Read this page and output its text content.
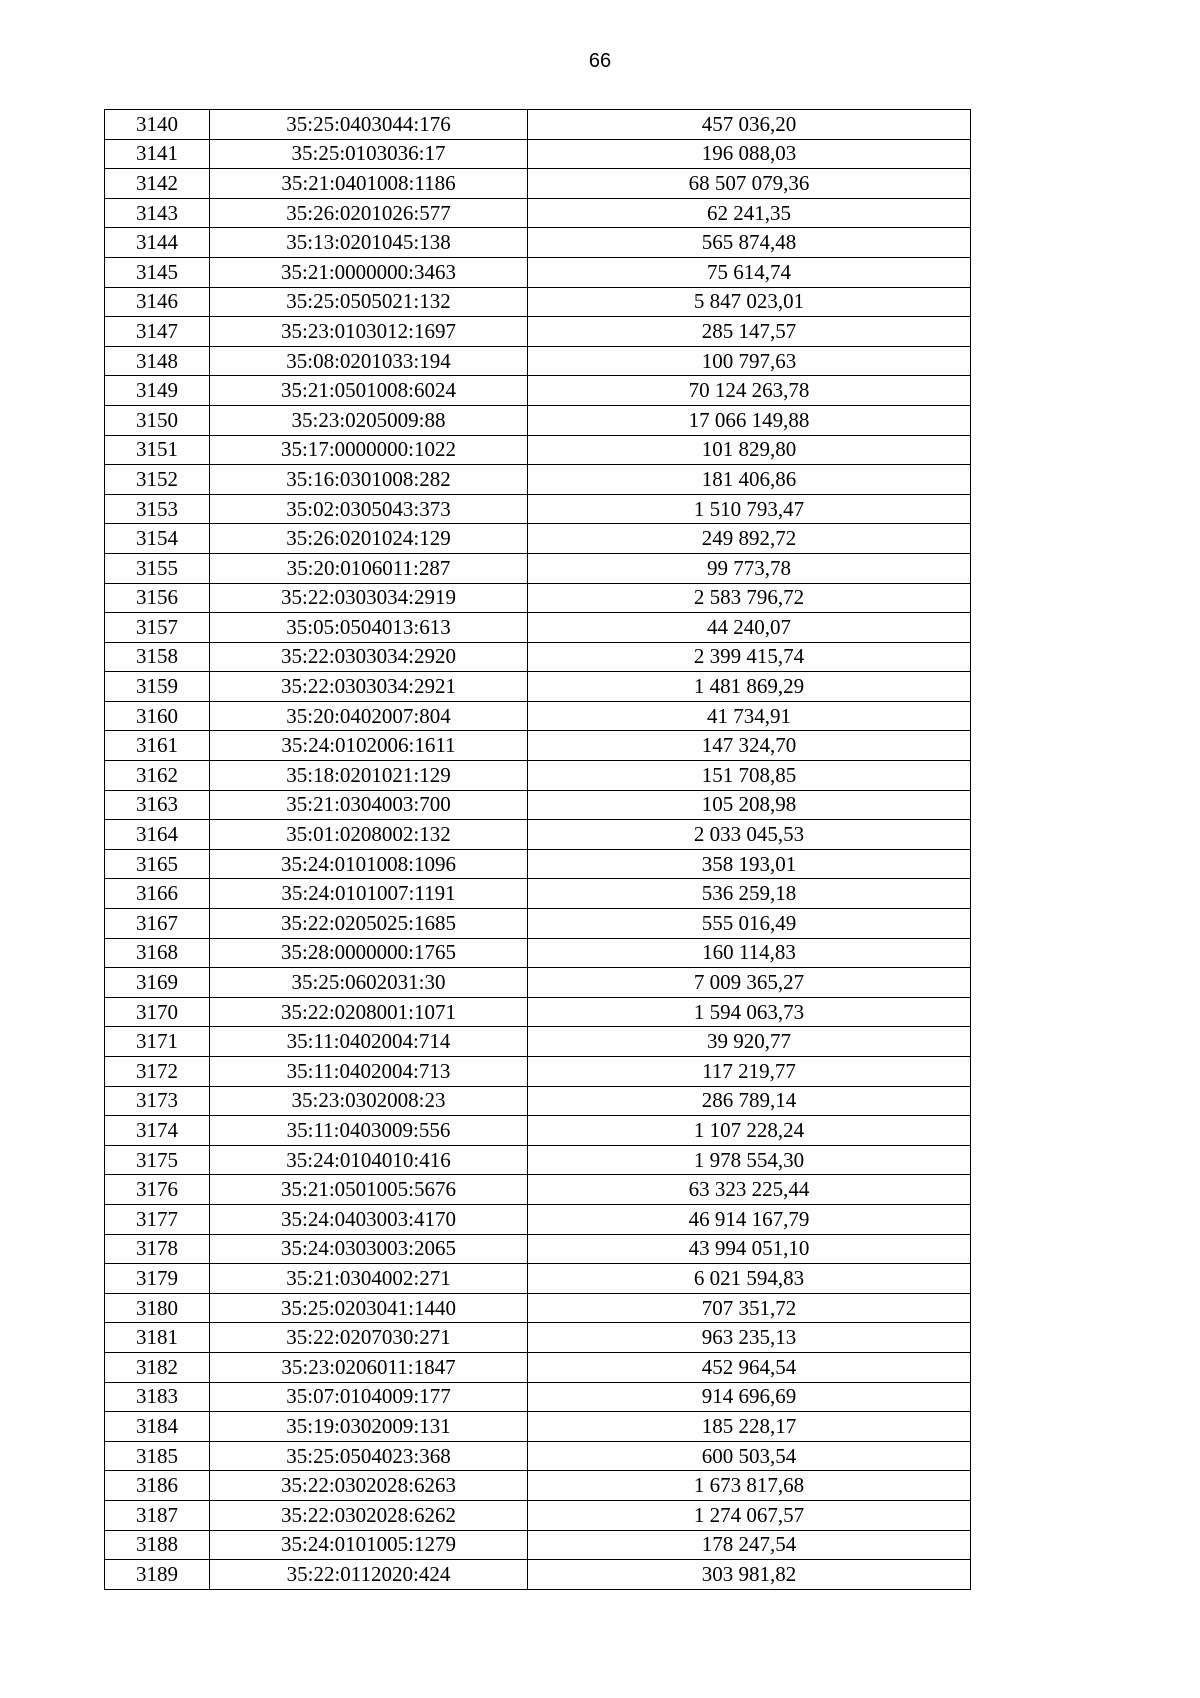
66
3140	35:25:0403044:176	457 036,20
3141	35:25:0103036:17	196 088,03
3142	35:21:0401008:1186	68 507 079,36
3143	35:26:0201026:577	62 241,35
3144	35:13:0201045:138	565 874,48
3145	35:21:0000000:3463	75 614,74
3146	35:25:0505021:132	5 847 023,01
3147	35:23:0103012:1697	285 147,57
3148	35:08:0201033:194	100 797,63
3149	35:21:0501008:6024	70 124 263,78
3150	35:23:0205009:88	17 066 149,88
3151	35:17:0000000:1022	101 829,80
3152	35:16:0301008:282	181 406,86
3153	35:02:0305043:373	1 510 793,47
3154	35:26:0201024:129	249 892,72
3155	35:20:0106011:287	99 773,78
3156	35:22:0303034:2919	2 583 796,72
3157	35:05:0504013:613	44 240,07
3158	35:22:0303034:2920	2 399 415,74
3159	35:22:0303034:2921	1 481 869,29
3160	35:20:0402007:804	41 734,91
3161	35:24:0102006:1611	147 324,70
3162	35:18:0201021:129	151 708,85
3163	35:21:0304003:700	105 208,98
3164	35:01:0208002:132	2 033 045,53
3165	35:24:0101008:1096	358 193,01
3166	35:24:0101007:1191	536 259,18
3167	35:22:0205025:1685	555 016,49
3168	35:28:0000000:1765	160 114,83
3169	35:25:0602031:30	7 009 365,27
3170	35:22:0208001:1071	1 594 063,73
3171	35:11:0402004:714	39 920,77
3172	35:11:0402004:713	117 219,77
3173	35:23:0302008:23	286 789,14
3174	35:11:0403009:556	1 107 228,24
3175	35:24:0104010:416	1 978 554,30
3176	35:21:0501005:5676	63 323 225,44
3177	35:24:0403003:4170	46 914 167,79
3178	35:24:0303003:2065	43 994 051,10
3179	35:21:0304002:271	6 021 594,83
3180	35:25:0203041:1440	707 351,72
3181	35:22:0207030:271	963 235,13
3182	35:23:0206011:1847	452 964,54
3183	35:07:0104009:177	914 696,69
3184	35:19:0302009:131	185 228,17
3185	35:25:0504023:368	600 503,54
3186	35:22:0302028:6263	1 673 817,68
3187	35:22:0302028:6262	1 274 067,57
3188	35:24:0101005:1279	178 247,54
3189	35:22:0112020:424	303 981,82
